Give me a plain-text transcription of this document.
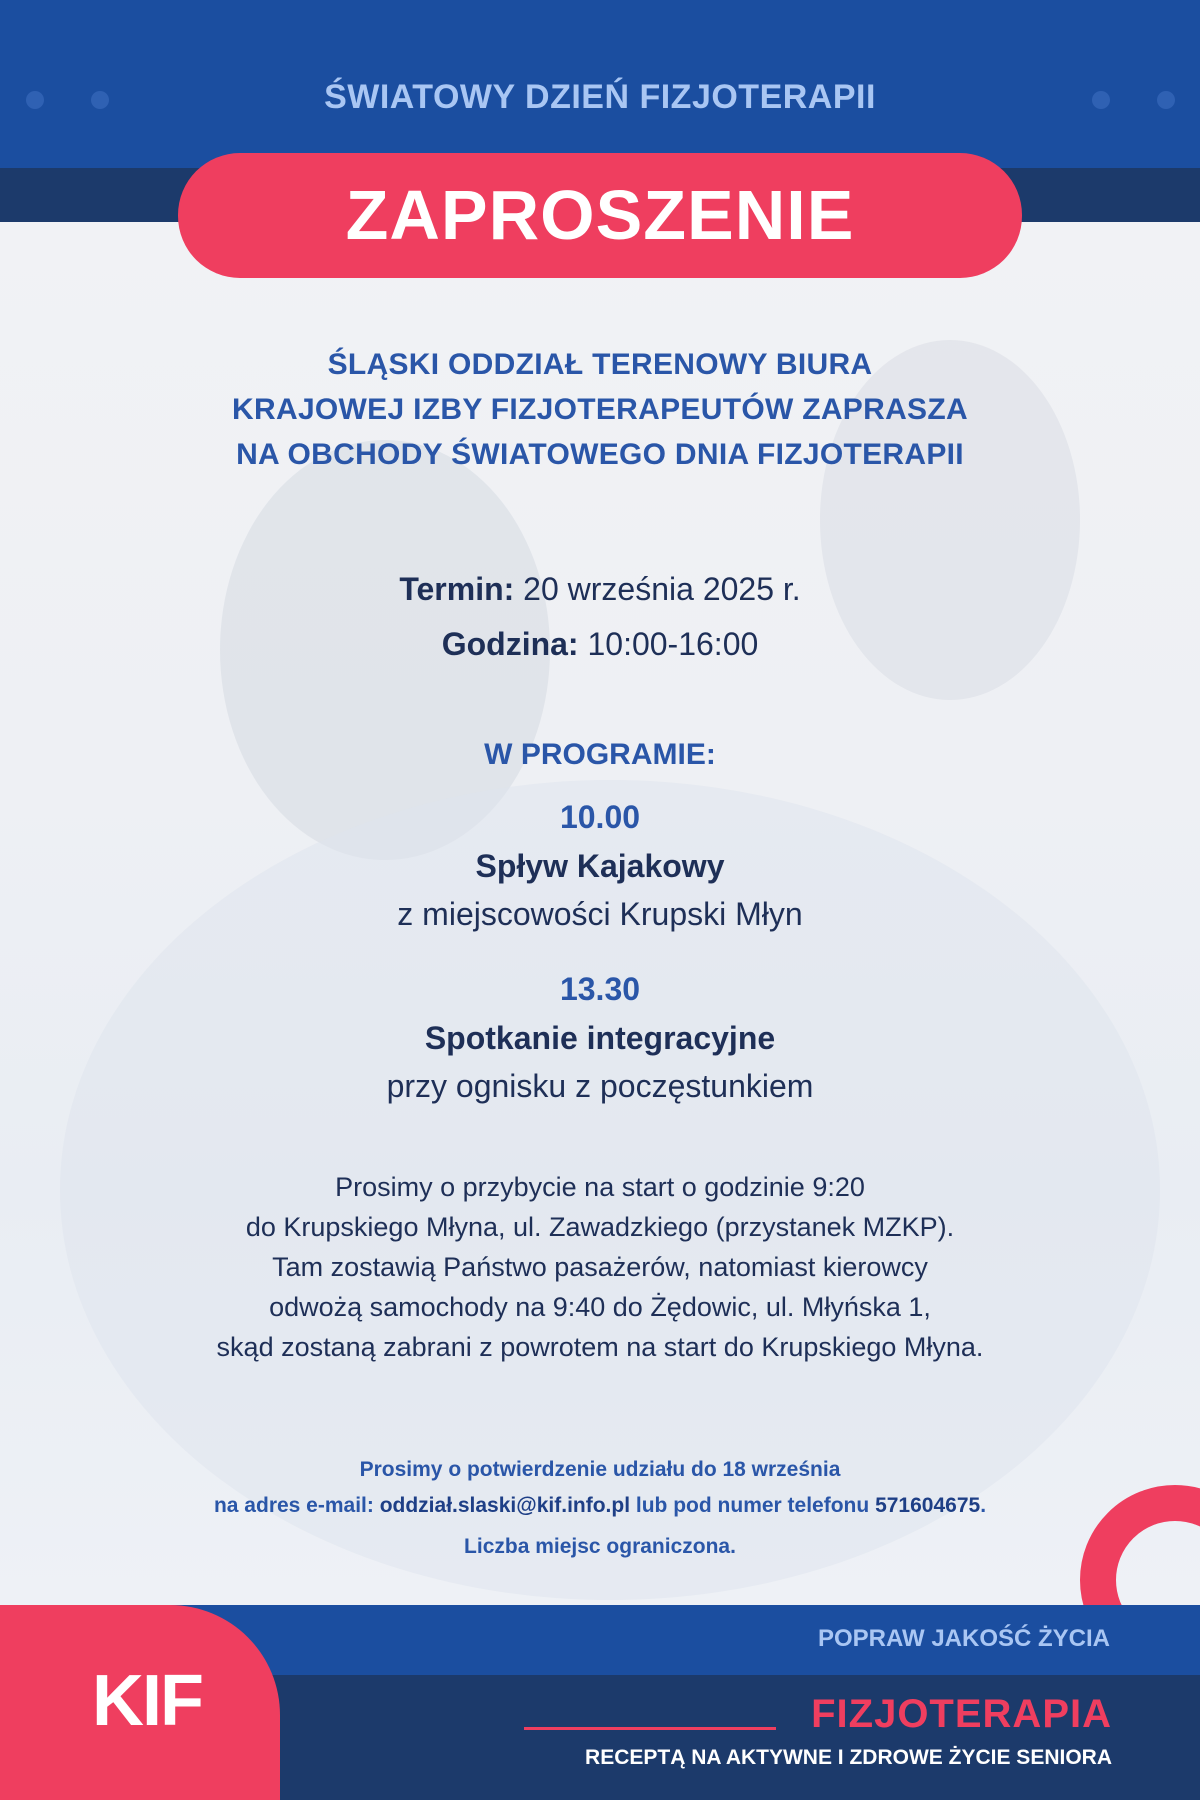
ŚWIATOWY DZIEŃ FIZJOTERAPII
ZAPROSZENIE
ŚLĄSKI ODDZIAŁ TERENOWY BIURA
KRAJOWEJ IZBY FIZJOTERAPEUTÓW ZAPRASZA
NA OBCHODY ŚWIATOWEGO DNIA FIZJOTERAPII
Termin: 20 września 2025 r.
Godzina: 10:00-16:00
W PROGRAMIE:
10.00
Spływ Kajakowy
z miejscowości Krupski Młyn
13.30
Spotkanie integracyjne
przy ognisku z poczęstunkiem
Prosimy o przybycie na start o godzinie 9:20
do Krupskiego Młyna, ul. Zawadzkiego (przystanek MZKP).
Tam zostawią Państwo pasażerów, natomiast kierowcy
odwożą samochody na 9:40 do Żędowic, ul. Młyńska 1,
skąd zostaną zabrani z powrotem na start do Krupskiego Młyna.
Prosimy o potwierdzenie udziału do 18 września
na adres e-mail: oddział.slaski@kif.info.pl lub pod numer telefonu 571604675.
Liczba miejsc ograniczona.
POPRAW JAKOŚĆ ŻYCIA
KIF	FIZJOTERAPIA
RECEPTĄ NA AKTYWNE I ZDROWE ŻYCIE SENIORA
